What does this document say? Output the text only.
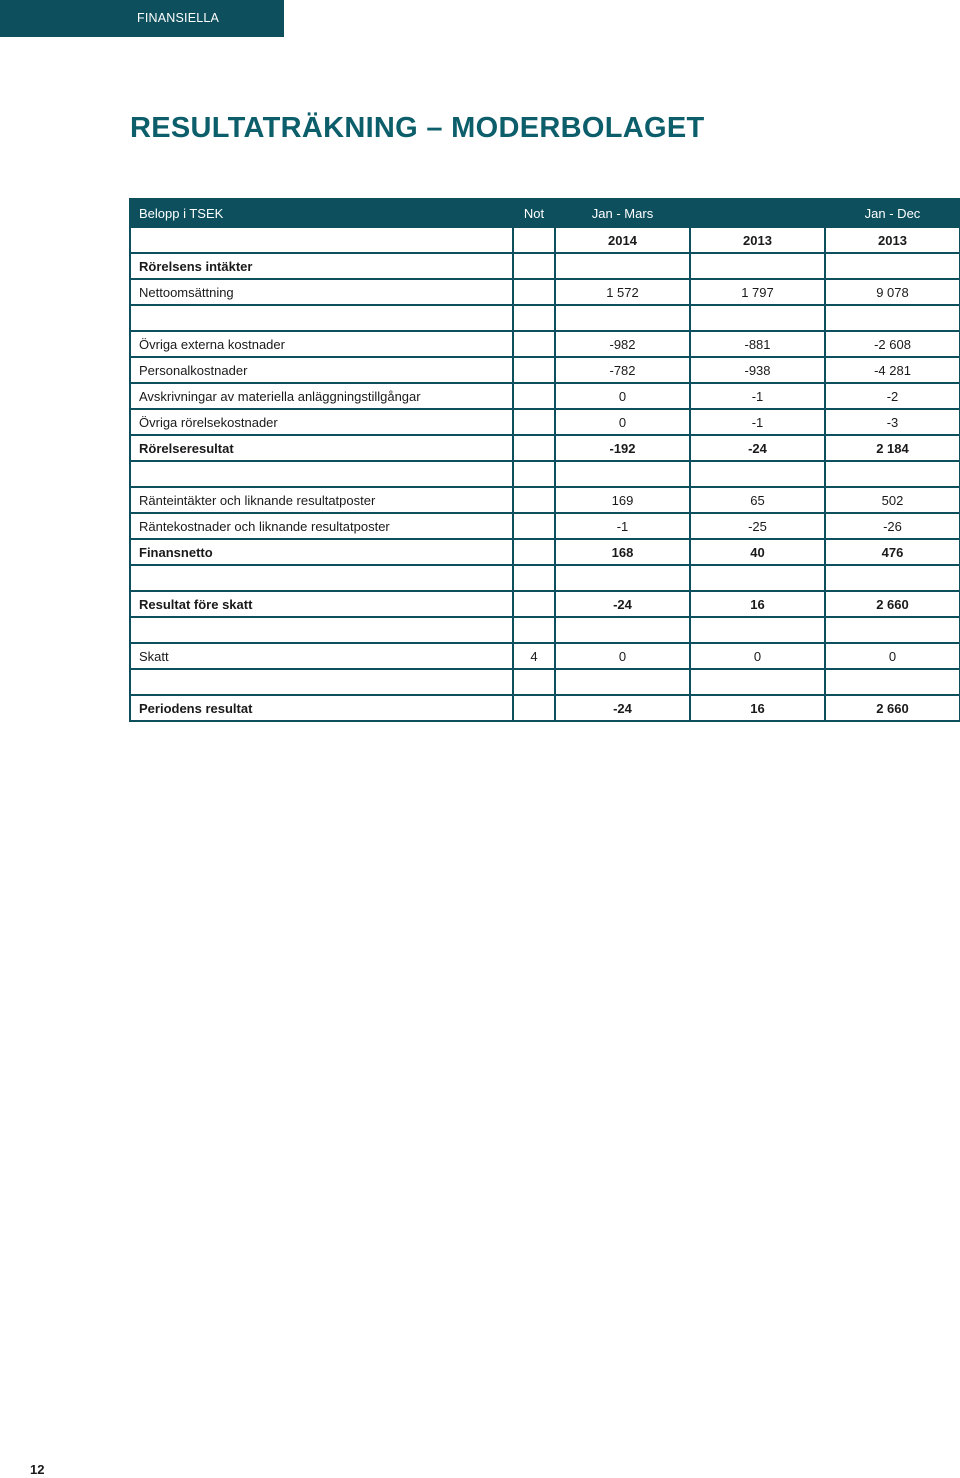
FINANSIELLA RAPPORTER
RESULTATRÄKNING – MODERBOLAGET
Belopp i TSEK	Not	Jan - Mars		Jan - Dec
		2014	2013	2013
Rörelsens intäkter				
Nettoomsättning		1 572	1 797	9 078

Övriga externa kostnader		-982	-881	-2 608
Personalkostnader		-782	-938	-4 281
Avskrivningar av materiella anläggningstillgångar		0	-1	-2
Övriga rörelsekostnader		0	-1	-3
Rörelseresultat		-192	-24	2 184

Ränteintäkter och liknande resultatposter		169	65	502
Räntekostnader och liknande resultatposter		-1	-25	-26
Finansnetto		168	40	476

Resultat före skatt		-24	16	2 660

Skatt	4	0	0	0

Periodens resultat		-24	16	2 660
12
